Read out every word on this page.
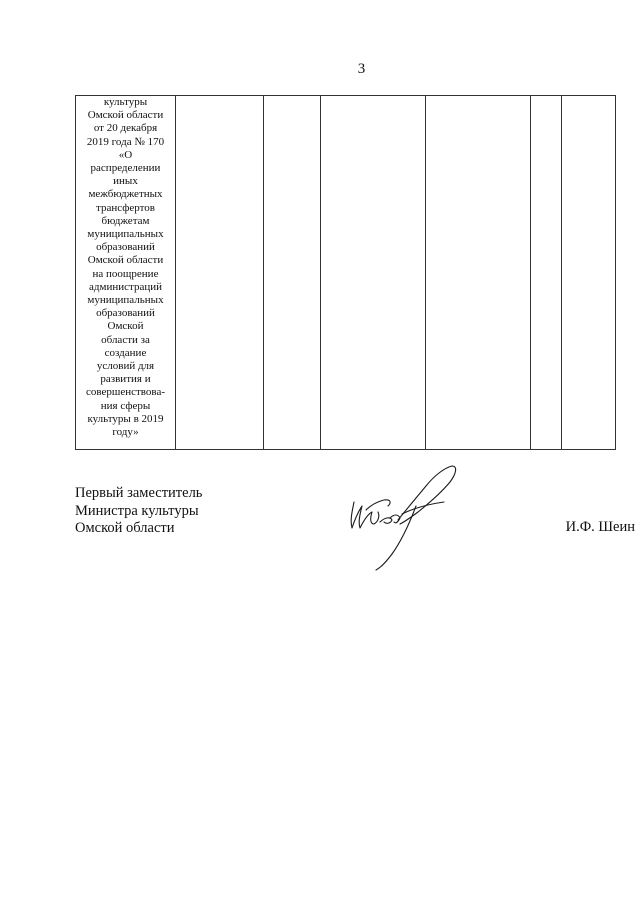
3
культуры
Омской области
от 20 декабря
2019 года № 170
«О
распределении
иных
межбюджетных
трансфертов
бюджетам
муниципальных
образований
Омской области
на поощрение
администраций
муниципальных
образований
Омской
области за
создание
условий для
развития и
совершенствова-
ния сферы
культуры в 2019
году»

Первый заместитель
Министра культуры
Омской области	И.Ф. Шеин
